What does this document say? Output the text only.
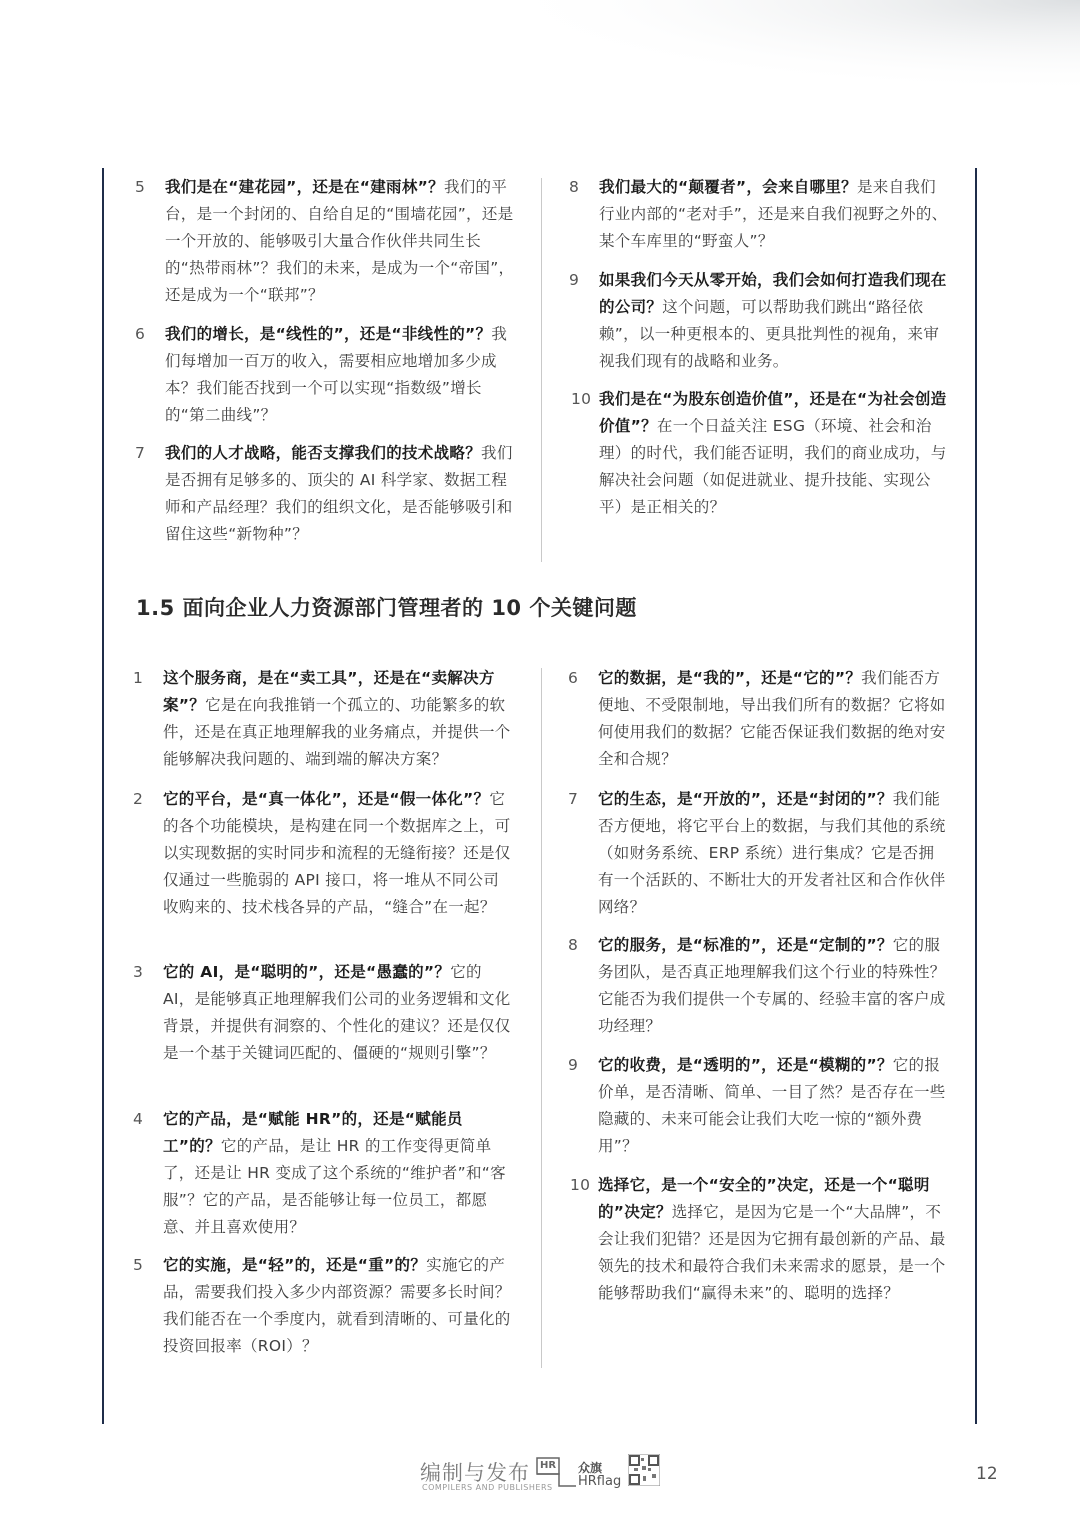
5	我们是在“建花园”，还是在“建雨林”？我们的平台，是一个封闭的、自给自足的“围墙花园”，还是一个开放的、能够吸引大量合作伙伴共同生长的“热带雨林”？我们的未来，是成为一个“帝国”，还是成为一个“联邦”？
6	我们的增长，是“线性的”，还是“非线性的”？我们每增加一百万的收入，需要相应地增加多少成本？我们能否找到一个可以实现“指数级”增长的“第二曲线”？
7	我们的人才战略，能否支撑我们的技术战略？我们是否拥有足够多的、顶尖的 AI 科学家、数据工程师和产品经理？我们的组织文化，是否能够吸引和留住这些“新物种”？
8	我们最大的“颠覆者”，会来自哪里？是来自我们行业内部的“老对手”，还是来自我们视野之外的、某个车库里的“野蛮人”？
9	如果我们今天从零开始，我们会如何打造我们现在的公司？这个问题，可以帮助我们跳出“路径依赖”，以一种更根本的、更具批判性的视角，来审视我们现有的战略和业务。
10 我们是在“为股东创造价值”，还是在“为社会创造价值”？在一个日益关注 ESG（环境、社会和治理）的时代，我们能否证明，我们的商业成功，与解决社会问题（如促进就业、提升技能、实现公平）是正相关的？
1.5 面向企业人力资源部门管理者的 10 个关键问题
1	这个服务商，是在“卖工具”，还是在“卖解决方案”？它是在向我推销一个孤立的、功能繁多的软件，还是在真正地理解我的业务痛点，并提供一个能够解决我问题的、端到端的解决方案？
2	它的平台，是“真一体化”，还是“假一体化”？它的各个功能模块，是构建在同一个数据库之上，可以实现数据的实时同步和流程的无缝衔接？还是仅仅通过一些脆弱的 API 接口，将一堆从不同公司收购来的、技术栈各异的产品，“缝合”在一起？
3	它的 AI，是“聪明的”，还是“愚蠢的”？它的 AI，是能够真正地理解我们公司的业务逻辑和文化背景，并提供有洞察的、个性化的建议？还是仅仅是一个基于关键词匹配的、僵硬的“规则引擎”？
4	它的产品，是“赋能 HR”的，还是“赋能员工”的？它的产品，是让 HR 的工作变得更简单了，还是让 HR 变成了这个系统的“维护者”和“客服”？它的产品，是否能够让每一位员工，都愿意、并且喜欢使用？
5	它的实施，是“轻”的，还是“重”的？实施它的产品，需要我们投入多少内部资源？需要多长时间？我们能否在一个季度内，就看到清晰的、可量化的投资回报率（ROI）？
6	它的数据，是“我的”，还是“它的”？我们能否方便地、不受限制地，导出我们所有的数据？它将如何使用我们的数据？它能否保证我们数据的绝对安全和合规？
7	它的生态，是“开放的”，还是“封闭的”？我们能否方便地，将它平台上的数据，与我们其他的系统（如财务系统、ERP 系统）进行集成？它是否拥有一个活跃的、不断壮大的开发者社区和合作伙伴网络？
8	它的服务，是“标准的”，还是“定制的”？它的服务团队，是否真正地理解我们这个行业的特殊性？它能否为我们提供一个专属的、经验丰富的客户成功经理？
9	它的收费，是“透明的”，还是“模糊的”？它的报价单，是否清晰、简单、一目了然？是否存在一些隐藏的、未来可能会让我们大吃一惊的“额外费用”？
10 选择它，是一个“安全的”决定，还是一个“聪明的”决定？选择它，是因为它是一个“大品牌”，不会让我们犯错？还是因为它拥有最创新的产品、最领先的技术和最符合我们未来需求的愿景，是一个能够帮助我们“赢得未来”的、聪明的选择？
编制与发布
COMPILERS AND PUBLISHERS
HR 众旗
HRflag	12
